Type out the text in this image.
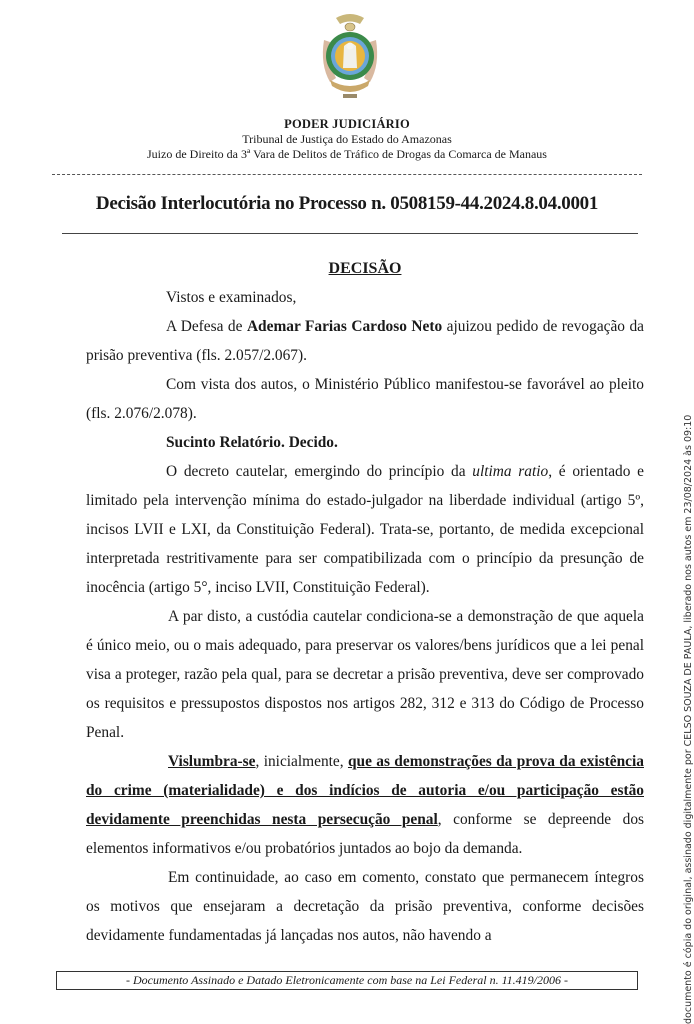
PODER JUDICIÁRIO
Tribunal de Justiça do Estado do Amazonas
Juizo de Direito da 3ª Vara de Delitos de Tráfico de Drogas da Comarca de Manaus
Decisão Interlocutória no Processo n. 0508159-44.2024.8.04.0001

DECISÃO

Vistos e examinados,

A Defesa de Ademar Farias Cardoso Neto ajuizou pedido de revogação da prisão preventiva (fls. 2.057/2.067).

Com vista dos autos, o Ministério Público manifestou-se favorável ao pleito (fls. 2.076/2.078).

Sucinto Relatório. Decido.

O decreto cautelar, emergindo do princípio da ultima ratio, é orientado e limitado pela intervenção mínima do estado-julgador na liberdade individual (artigo 5º, incisos LVII e LXI, da Constituição Federal). Trata-se, portanto, de medida excepcional interpretada restritivamente para ser compatibilizada com o princípio da presunção de inocência (artigo 5°, inciso LVII, Constituição Federal).

A par disto, a custódia cautelar condiciona-se a demonstração de que aquela é único meio, ou o mais adequado, para preservar os valores/bens jurídicos que a lei penal visa a proteger, razão pela qual, para se decretar a prisão preventiva, deve ser comprovado os requisitos e pressupostos dispostos nos artigos 282, 312 e 313 do Código de Processo Penal.

Vislumbra-se, inicialmente, que as demonstrações da prova da existência do crime (materialidade) e dos indícios de autoria e/ou participação estão devidamente preenchidas nesta persecução penal, conforme se depreende dos elementos informativos e/ou probatórios juntados ao bojo da demanda.

Em continuidade, ao caso em comento, constato que permanecem íntegros os motivos que ensejaram a decretação da prisão preventiva, conforme decisões devidamente fundamentadas já lançadas nos autos, não havendo a

- Documento Assinado e Datado Eletronicamente com base na Lei Federal n. 11.419/2006 -	documento é cópia do original, assinado digitalmente por CELSO SOUZA DE PAULA, liberado nos autos em 23/08/2024 às 09:10
